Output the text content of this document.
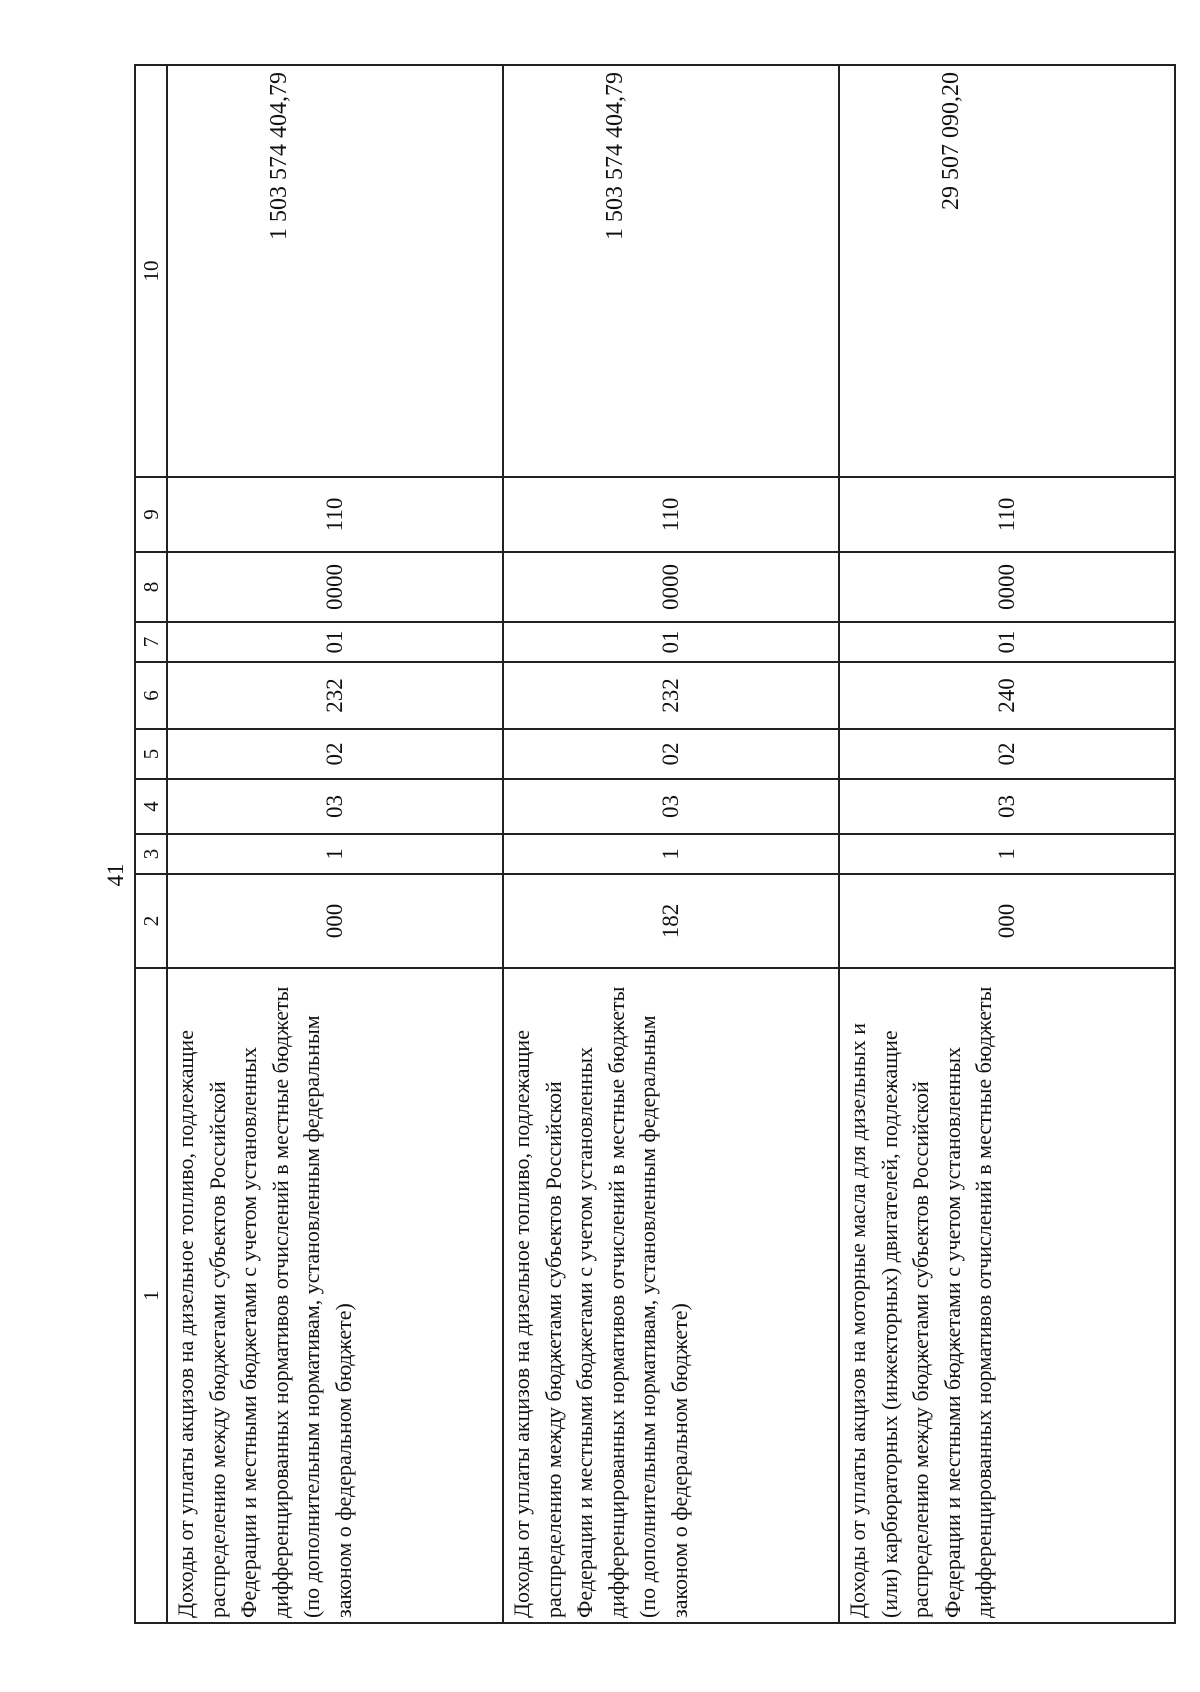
41
1	2	3	4	5	6	7	8	9	10
Доходы от уплаты акцизов на дизельное топливо, подлежащие распределению между бюджетами субъектов Российской Федерации и местными бюджетами с учетом установленных дифференцированных нормативов отчислений в местные бюджеты (по дополнительным нормативам, установленным федеральным законом о федеральном бюджете)	000	1	03	02	232	01	0000	110	1 503 574 404,79
Доходы от уплаты акцизов на дизельное топливо, подлежащие распределению между бюджетами субъектов Российской Федерации и местными бюджетами с учетом установленных дифференцированных нормативов отчислений в местные бюджеты (по дополнительным нормативам, установленным федеральным законом о федеральном бюджете)	182	1	03	02	232	01	0000	110	1 503 574 404,79
Доходы от уплаты акцизов на моторные масла для дизельных и (или) карбюраторных (инжекторных) двигателей, подлежащие распределению между бюджетами субъектов Российской Федерации и местными бюджетами с учетом установленных дифференцированных нормативов отчислений в местные бюджеты	000	1	03	02	240	01	0000	110	29 507 090,20
